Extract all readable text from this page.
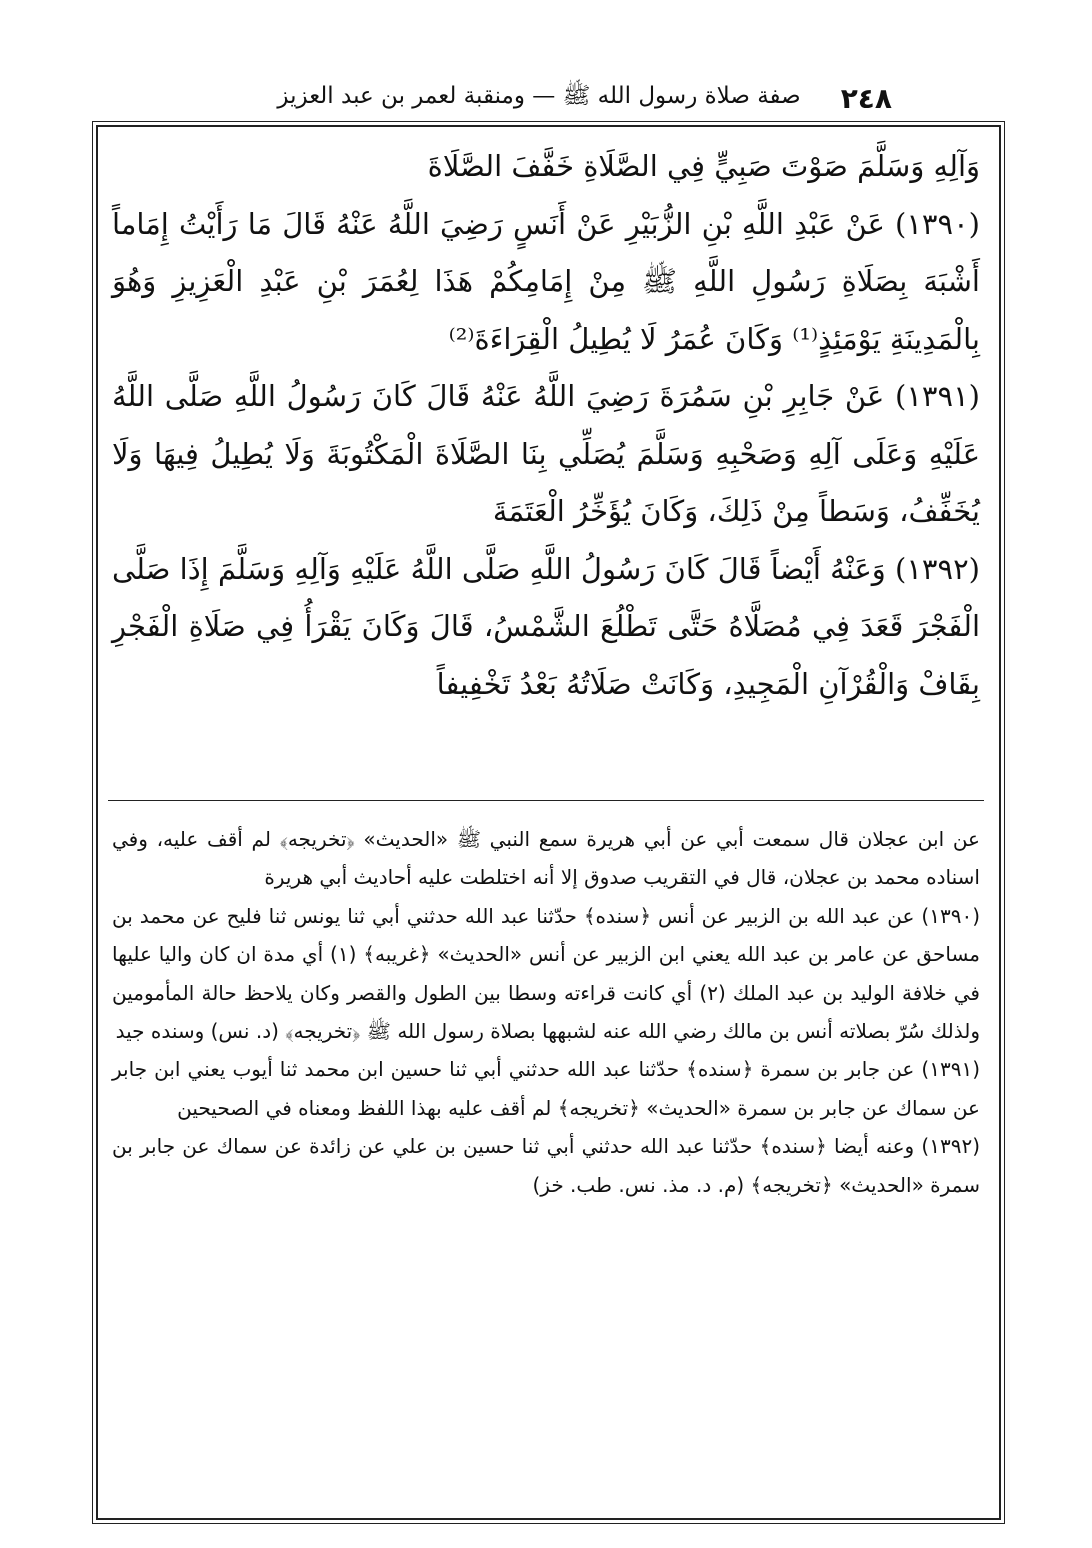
٢٤٨
صفة صلاة رسول الله ﷺ — ومنقبة لعمر بن عبد العزيز

وَآلِهِ وَسَلَّمَ صَوْتَ صَبِيٍّ فِي الصَّلَاةِ خَفَّفَ الصَّلَاةَ

(١٣٩٠) عَنْ عَبْدِ اللَّهِ بْنِ الزُّبَيْرِ عَنْ أَنَسٍ رَضِيَ اللَّهُ عَنْهُ قَالَ مَا رَأَيْتُ إِمَاماً أَشْبَهَ بِصَلَاةِ رَسُولِ اللَّهِ ﷺ مِنْ إِمَامِكُمْ هَذَا لِعُمَرَ بْنِ عَبْدِ الْعَزِيزِ وَهُوَ بِالْمَدِينَةِ يَوْمَئِذٍ⁽¹⁾ وَكَانَ عُمَرُ لَا يُطِيلُ الْقِرَاءَةَ⁽²⁾

(١٣٩١) عَنْ جَابِرِ بْنِ سَمُرَةَ رَضِيَ اللَّهُ عَنْهُ قَالَ كَانَ رَسُولُ اللَّهِ صَلَّى اللَّهُ عَلَيْهِ وَعَلَى آلِهِ وَصَحْبِهِ وَسَلَّمَ يُصَلِّي بِنَا الصَّلَاةَ الْمَكْتُوبَةَ وَلَا يُطِيلُ فِيهَا وَلَا يُخَفِّفُ، وَسَطاً مِنْ ذَلِكَ، وَكَانَ يُؤَخِّرُ الْعَتَمَةَ

(١٣٩٢) وَعَنْهُ أَيْضاً قَالَ كَانَ رَسُولُ اللَّهِ صَلَّى اللَّهُ عَلَيْهِ وَآلِهِ وَسَلَّمَ إِذَا صَلَّى الْفَجْرَ قَعَدَ فِي مُصَلَّاهُ حَتَّى تَطْلُعَ الشَّمْسُ، قَالَ وَكَانَ يَقْرَأُ فِي صَلَاةِ الْفَجْرِ بِقَافْ وَالْقُرْآنِ الْمَجِيدِ، وَكَانَتْ صَلَاتُهُ بَعْدُ تَخْفِيفاً

عن ابن عجلان قال سمعت أبي عن أبي هريرة سمع النبي ﷺ «الحديث» ﴿تخريجه﴾ لم أقف عليه، وفي اسناده محمد بن عجلان، قال في التقريب صدوق إلا أنه اختلطت عليه أحاديث أبي هريرة

(١٣٩٠) عن عبد الله بن الزبير عن أنس ﴿سنده﴾ حدّثنا عبد الله حدثني أبي ثنا يونس ثنا فليح عن محمد بن مساحق عن عامر بن عبد الله يعني ابن الزبير عن أنس «الحديث» ﴿غريبه﴾ (١) أي مدة ان كان واليا عليها في خلافة الوليد بن عبد الملك (٢) أي كانت قراءته وسطا بين الطول والقصر وكان يلاحظ حالة المأمومين ولذلك سُرّ بصلاته أنس بن مالك رضي الله عنه لشبهها بصلاة رسول الله ﷺ ﴿تخريجه﴾ (د. نس) وسنده جيد

(١٣٩١) عن جابر بن سمرة ﴿سنده﴾ حدّثنا عبد الله حدثني أبي ثنا حسين ابن محمد ثنا أيوب يعني ابن جابر عن سماك عن جابر بن سمرة «الحديث» ﴿تخريجه﴾ لم أقف عليه بهذا اللفظ ومعناه في الصحيحين

(١٣٩٢) وعنه أيضا ﴿سنده﴾ حدّثنا عبد الله حدثني أبي ثنا حسين بن علي عن زائدة عن سماك عن جابر بن سمرة «الحديث» ﴿تخريجه﴾ (م. د. مذ. نس. طب. خز)
